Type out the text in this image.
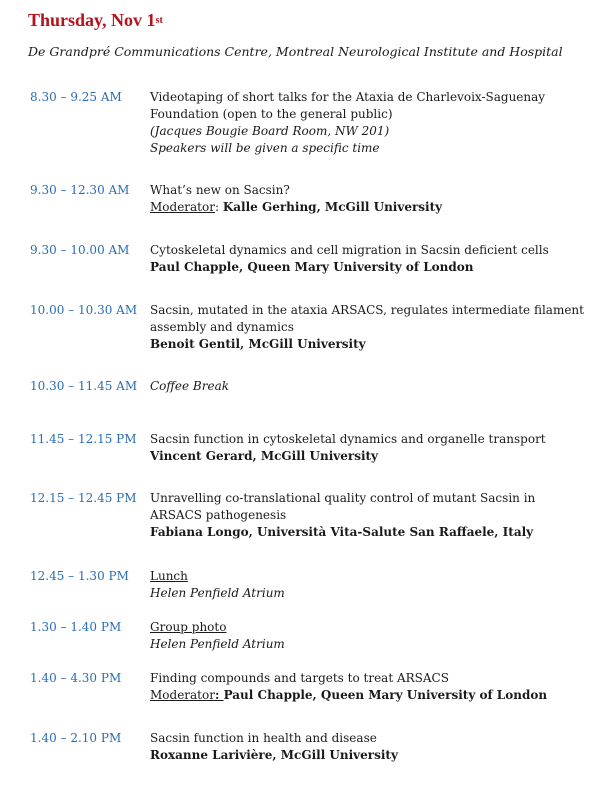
Thursday, Nov 1st
De Grandpré Communications Centre, Montreal Neurological Institute and Hospital
8.30 – 9.25 AM Videotaping of short talks for the Ataxia de Charlevoix-Saguenay
Foundation (open to the general public)
(Jacques Bougie Board Room, NW 201)
Speakers will be given a specific time
9.30 – 12.30 AM What’s new on Sacsin?
Moderator: Kalle Gerhing, McGill University
9.30 – 10.00 AM Cytoskeletal dynamics and cell migration in Sacsin deficient cells
Paul Chapple, Queen Mary University of London
10.00 – 10.30 AM Sacsin, mutated in the ataxia ARSACS, regulates intermediate filament
assembly and dynamics
Benoit Gentil, McGill University
10.30 – 11.45 AM Coffee Break
11.45 – 12.15 PM Sacsin function in cytoskeletal dynamics and organelle transport
Vincent Gerard, McGill University
12.15 – 12.45 PM Unravelling co-translational quality control of mutant Sacsin in
ARSACS pathogenesis
Fabiana Longo, Università Vita-Salute San Raffaele, Italy
12.45 – 1.30 PM Lunch
Helen Penfield Atrium
1.30 – 1.40 PM Group photo
Helen Penfield Atrium
1.40 – 4.30 PM Finding compounds and targets to treat ARSACS
Moderator: Paul Chapple, Queen Mary University of London
1.40 – 2.10 PM Sacsin function in health and disease
Roxanne Larivière, McGill University
